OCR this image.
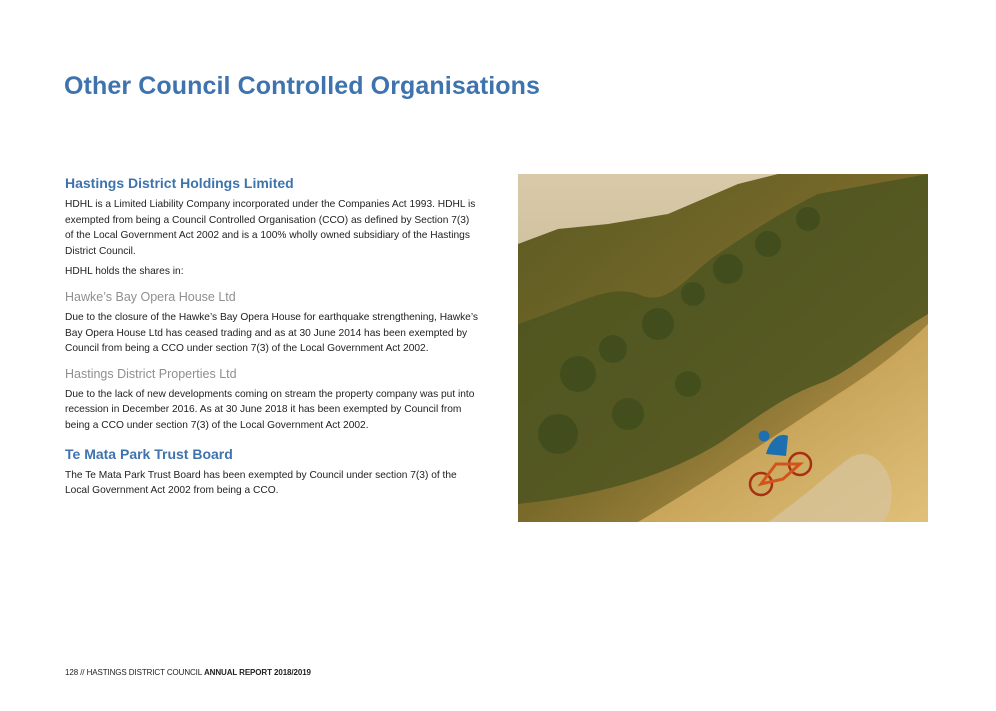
Other Council Controlled Organisations
Hastings District Holdings Limited

HDHL is a Limited Liability Company incorporated under the Companies Act 1993. HDHL is exempted from being a Council Controlled Organisation (CCO) as defined by Section 7(3) of the Local Government Act 2002 and is a 100% wholly owned subsidiary of the Hastings District Council.

HDHL holds the shares in:

Hawke’s Bay Opera House Ltd

Due to the closure of the Hawke’s Bay Opera House for earthquake strengthening, Hawke’s Bay Opera House Ltd has ceased trading and as at 30 June 2014 has been exempted by Council from being a CCO under section 7(3) of the Local Government Act 2002.

Hastings District Properties Ltd

Due to the lack of new developments coming on stream the property company was put into recession in December 2016. As at 30 June 2018 it has been exempted by Council from being a CCO under section 7(3) of the Local Government Act 2002.

Te Mata Park Trust Board

The Te Mata Park Trust Board has been exempted by Council under section 7(3) of the Local Government Act 2002 from being a CCO.

128 // HASTINGS DISTRICT COUNCIL ANNUAL REPORT 2018/2019
